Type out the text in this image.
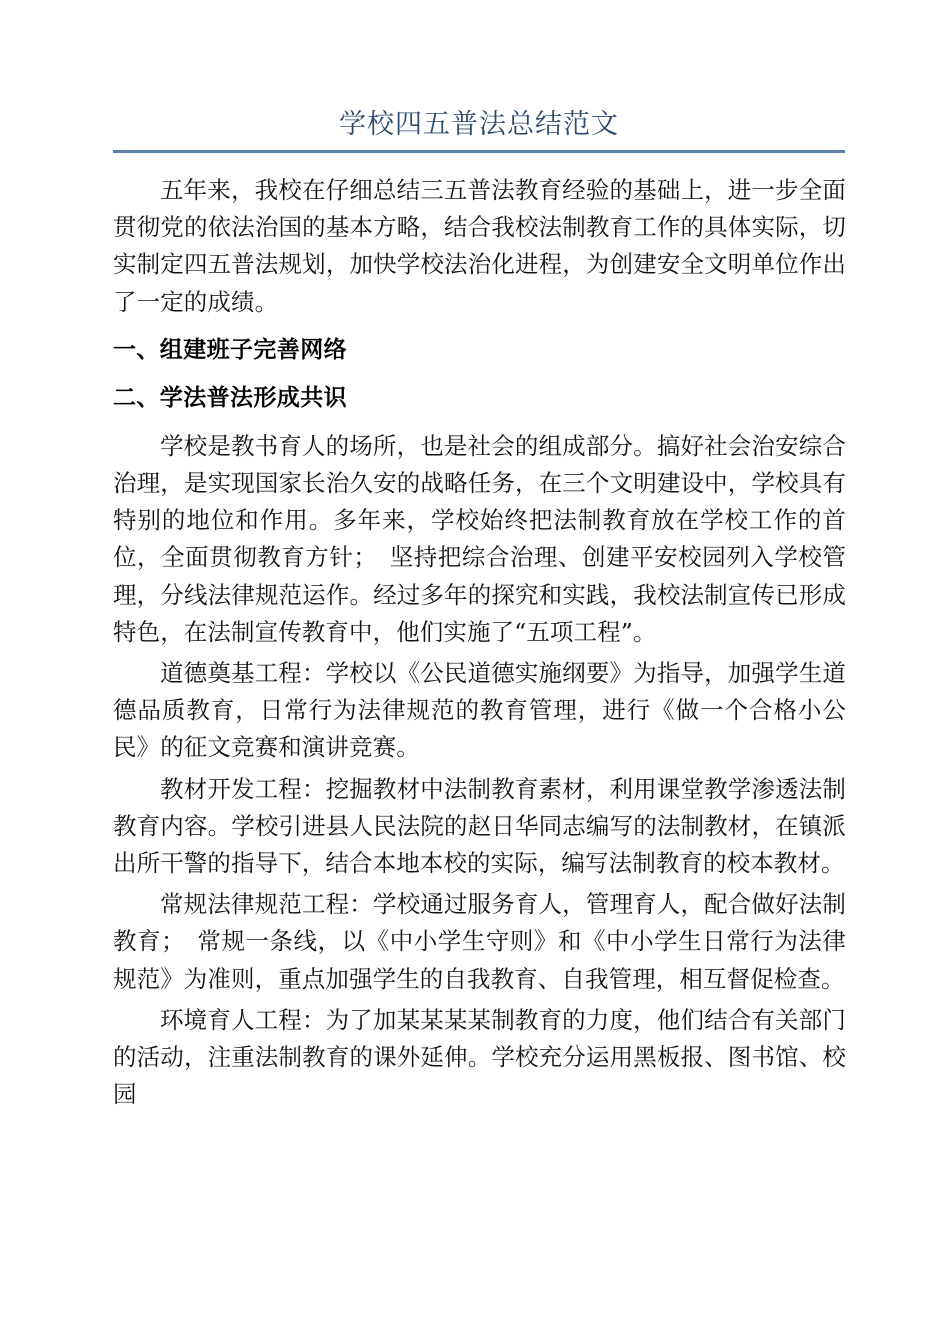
学校四五普法总结范文

五年来，我校在仔细总结三五普法教育经验的基础上，进一步全面贯彻党的依法治国的基本方略，结合我校法制教育工作的具体实际，切实制定四五普法规划，加快学校法治化进程，为创建安全文明单位作出了一定的成绩。

一、组建班子完善网络
二、学法普法形成共识

学校是教书育人的场所，也是社会的组成部分。搞好社会治安综合治理，是实现国家长治久安的战略任务，在三个文明建设中，学校具有特别的地位和作用。多年来，学校始终把法制教育放在学校工作的首位，全面贯彻教育方针；　坚持把综合治理、创建平安校园列入学校管理，分线法律规范运作。经过多年的探究和实践，我校法制宣传已形成特色，在法制宣传教育中，他们实施了“五项工程”。

道德奠基工程：学校以《公民道德实施纲要》为指导，加强学生道德品质教育，日常行为法律规范的教育管理，进行《做一个合格小公民》的征文竞赛和演讲竞赛。

教材开发工程：挖掘教材中法制教育素材，利用课堂教学渗透法制教育内容。学校引进县人民法院的赵日华同志编写的法制教材，在镇派出所干警的指导下，结合本地本校的实际，编写法制教育的校本教材。

常规法律规范工程：学校通过服务育人，管理育人，配合做好法制教育；　常规一条线，以《中小学生守则》和《中小学生日常行为法律规范》为准则，重点加强学生的自我教育、自我管理，相互督促检查。

环境育人工程：为了加某某某某制教育的力度，他们结合有关部门的活动，注重法制教育的课外延伸。学校充分运用黑板报、图书馆、校园
